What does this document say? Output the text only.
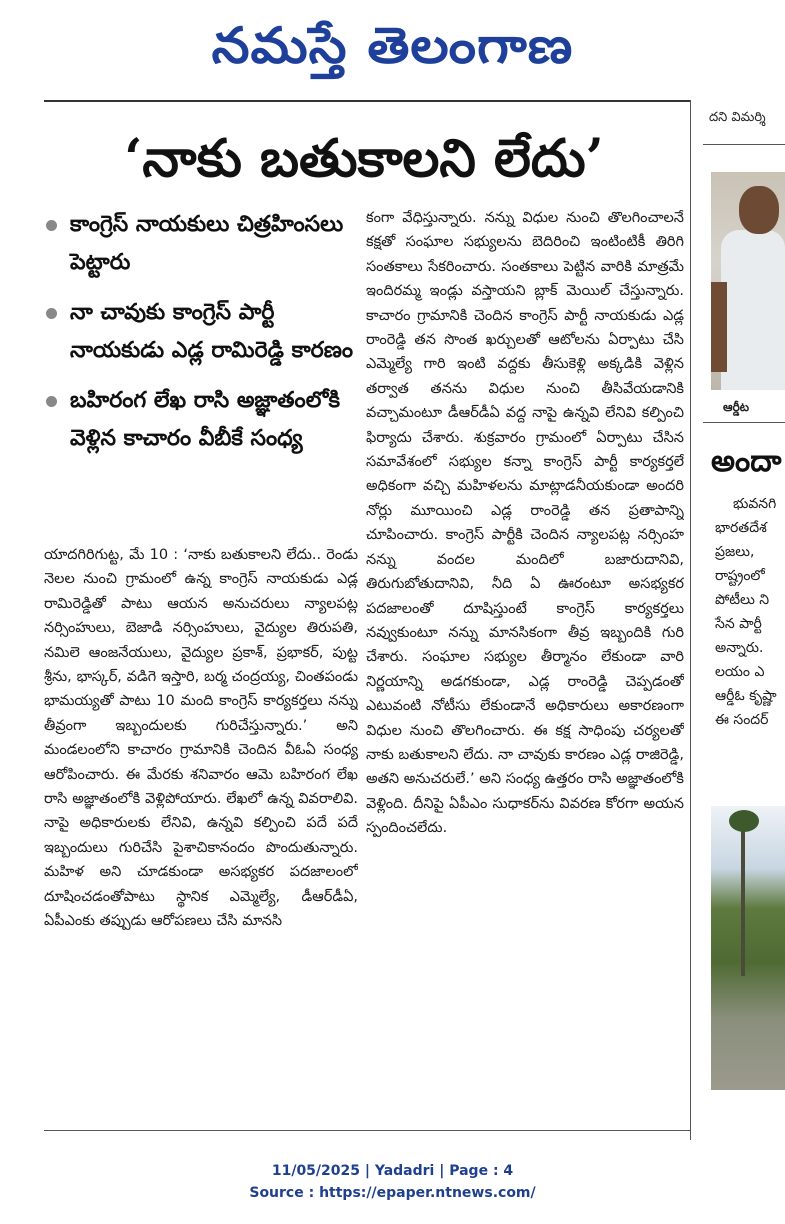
నమస్తే తెలంగాణ
‘నాకు బతుకాలని లేదు’
కాంగ్రెస్‌ నాయకులు చిత్రహింసలు పెట్టారు
నా చావుకు కాంగ్రెస్‌ పార్టీ నాయకుడు ఎడ్ల రామిరెడ్డి కారణం
బహిరంగ లేఖ రాసి అజ్ఞాతంలోకి వెళ్లిన కాచారం వీబీకే సంధ్య

యాదగిరిగుట్ట, మే 10 : ‘నాకు బతుకాలని లేదు.. రెండు నెలల నుంచి గ్రామంలో ఉన్న కాంగ్రెస్‌ నాయకుడు ఎడ్ల రామిరెడ్డితో పాటు ఆయన అనుచరులు న్యాలపట్ల నర్సింహులు, బెజాడి నర్సింహులు, వైద్యుల తిరుపతి, నమిలె ఆంజనేయులు, వైద్యుల ప్రకాశ్‌, ప్రభాకర్‌, పుట్ట శ్రీను, భాస్కర్‌, వడిగె ఇస్తారి, బర్మ చంద్రయ్య, చింతపండు భామయ్యతో పాటు 10 మంది కాంగ్రెస్‌ కార్యకర్తలు నన్ను తీవ్రంగా ఇబ్బందులకు గురిచేస్తున్నారు.’ అని మండలంలోని కాచారం గ్రామానికి చెందిన వీఓఏ సంధ్య ఆరోపించారు. ఈ మేరకు శనివారం ఆమె బహిరంగ లేఖ రాసి అజ్ఞాతంలోకి వెళ్లిపోయారు. లేఖలో ఉన్న వివరాలివి. నాపై అధికారులకు లేనివి, ఉన్నవి కల్పించి పదే పదే ఇబ్బందులు గురిచేసి పైశాచికానందం పొందుతున్నారు. మహిళ అని చూడకుండా అసభ్యకర పదజాలంలో దూషించడంతోపాటు స్థానిక ఎమ్మెల్యే, డీఆర్‌డీఏ, ఏపీఎంకు తప్పుడు ఆరోపణలు చేసి మానసి

కంగా వేధిస్తున్నారు. నన్ను విధుల నుంచి తొలగించాలనే కక్షతో సంఘాల సభ్యులను బెదిరించి ఇంటింటికీ తిరిగి సంతకాలు సేకరించారు. సంతకాలు పెట్టిన వారికి మాత్రమే ఇందిరమ్మ ఇండ్లు వస్తాయని బ్లాక్‌ మెయిల్‌ చేస్తున్నారు. కాచారం గ్రామానికి చెందిన కాంగ్రెస్‌ పార్టీ నాయకుడు ఎడ్ల రాంరెడ్డి తన సొంత ఖర్చులతో ఆటోలను ఏర్పాటు చేసి ఎమ్మెల్యే గారి ఇంటి వద్దకు తీసుకెళ్లి అక్కడికి వెళ్లిన తర్వాత తనను విధుల నుంచి తీసివేయడానికి వచ్చామంటూ డీఆర్‌డీఏ వద్ద నాపై ఉన్నవి లేనివి కల్పించి ఫిర్యాదు చేశారు. శుక్రవారం గ్రామంలో ఏర్పాటు చేసిన సమావేశంలో సభ్యుల కన్నా కాంగ్రెస్‌ పార్టీ కార్యకర్తలే అధికంగా వచ్చి మహిళలను మాట్లాడనీయకుండా అందరి నోర్లు మూయించి ఎడ్ల రాంరెడ్డి తన ప్రతాపాన్ని చూపించారు. కాంగ్రెస్‌ పార్టీకి చెందిన న్యాలపట్ల నర్సింహ నన్ను వందల మందిలో బజారుదానివి, తిరుగుబోతుదానివి, నీది ఏ ఊరంటూ అసభ్యకర పదజాలంతో దూషిస్తుంటే కాంగ్రెస్‌ కార్యకర్తలు నవ్వుకుంటూ నన్ను మానసికంగా తీవ్ర ఇబ్బందికి గురి చేశారు. సంఘాల సభ్యుల తీర్మానం లేకుండా వారి నిర్ణయాన్ని అడగకుండా, ఎడ్ల రాంరెడ్డి చెప్పడంతో ఎటువంటి నోటీసు లేకుండానే అధికారులు అకారణంగా విధుల నుంచి తొలగించారు. ఈ కక్ష సాధింపు చర్యలతో నాకు బతుకాలని లేదు. నా చావుకు కారణం ఎడ్ల రాజిరెడ్డి, అతని అనుచరులే.’ అని సంధ్య ఉత్తరం రాసి అజ్ఞాతంలోకి వెళ్లింది. దీనిపై ఏపీఎం సుధాకర్‌ను వివరణ కోరగా అయన స్పందించలేదు.

దని విమర్శి
ఆర్డీట
అందా
భువనగి
భారతదేశ
ప్రజలు,
రాష్ట్రంలో
పోటీలు ని
సేన పార్టీ
అన్నారు.
లయం ఎ
ఆర్డీఓ కృష్ణా
ఈ సందర్
11/05/2025 | Yadadri | Page : 4
Source : https://epaper.ntnews.com/
